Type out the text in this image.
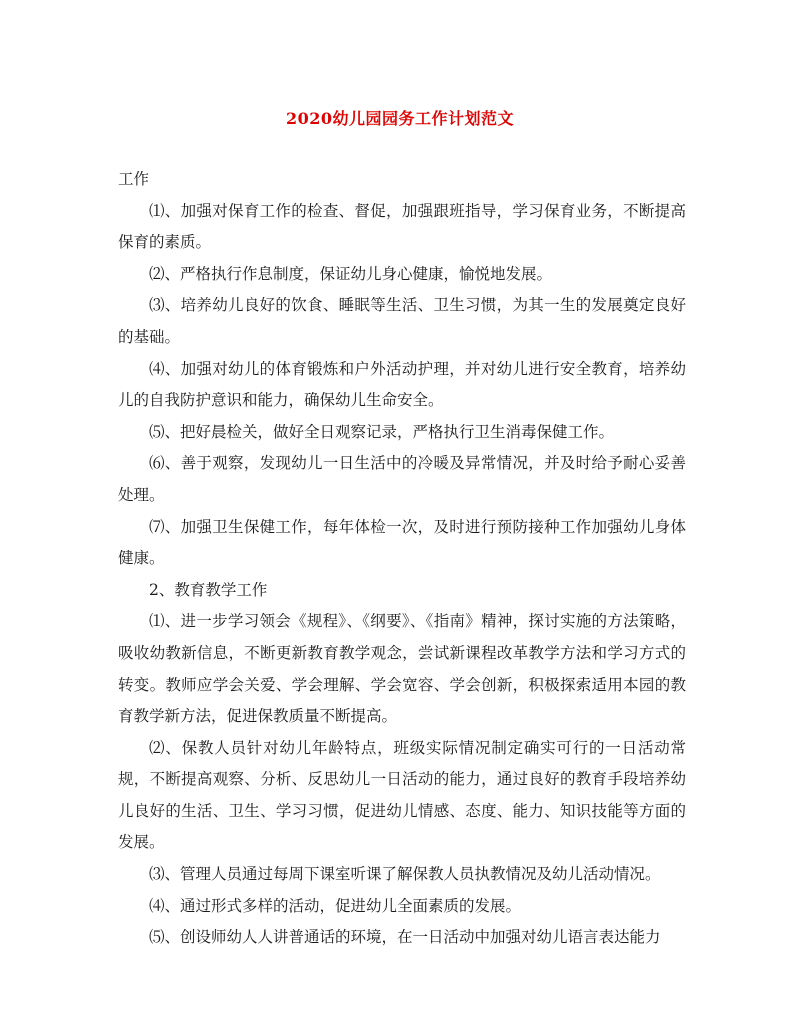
2020幼儿园园务工作计划范文

工作

⑴、加强对保育工作的检查、督促，加强跟班指导，学习保育业务，不断提高保育的素质。

⑵、严格执行作息制度，保证幼儿身心健康，愉悦地发展。

⑶、培养幼儿良好的饮食、睡眠等生活、卫生习惯，为其一生的发展奠定良好的基础。

⑷、加强对幼儿的体育锻炼和户外活动护理，并对幼儿进行安全教育，培养幼儿的自我防护意识和能力，确保幼儿生命安全。

⑸、把好晨检关，做好全日观察记录，严格执行卫生消毒保健工作。

⑹、善于观察，发现幼儿一日生活中的冷暖及异常情况，并及时给予耐心妥善处理。

⑺、加强卫生保健工作，每年体检一次，及时进行预防接种工作加强幼儿身体健康。

2、教育教学工作

⑴、进一步学习领会《规程》、《纲要》、《指南》精神，探讨实施的方法策略，吸收幼教新信息，不断更新教育教学观念，尝试新课程改革教学方法和学习方式的转变。教师应学会关爱、学会理解、学会宽容、学会创新，积极探索适用本园的教育教学新方法，促进保教质量不断提高。

⑵、保教人员针对幼儿年龄特点，班级实际情况制定确实可行的一日活动常规，不断提高观察、分析、反思幼儿一日活动的能力，通过良好的教育手段培养幼儿良好的生活、卫生、学习习惯，促进幼儿情感、态度、能力、知识技能等方面的发展。

⑶、管理人员通过每周下课室听课了解保教人员执教情况及幼儿活动情况。

⑷、通过形式多样的活动，促进幼儿全面素质的发展。

⑸、创设师幼人人讲普通话的环境，在一日活动中加强对幼儿语言表达能力
